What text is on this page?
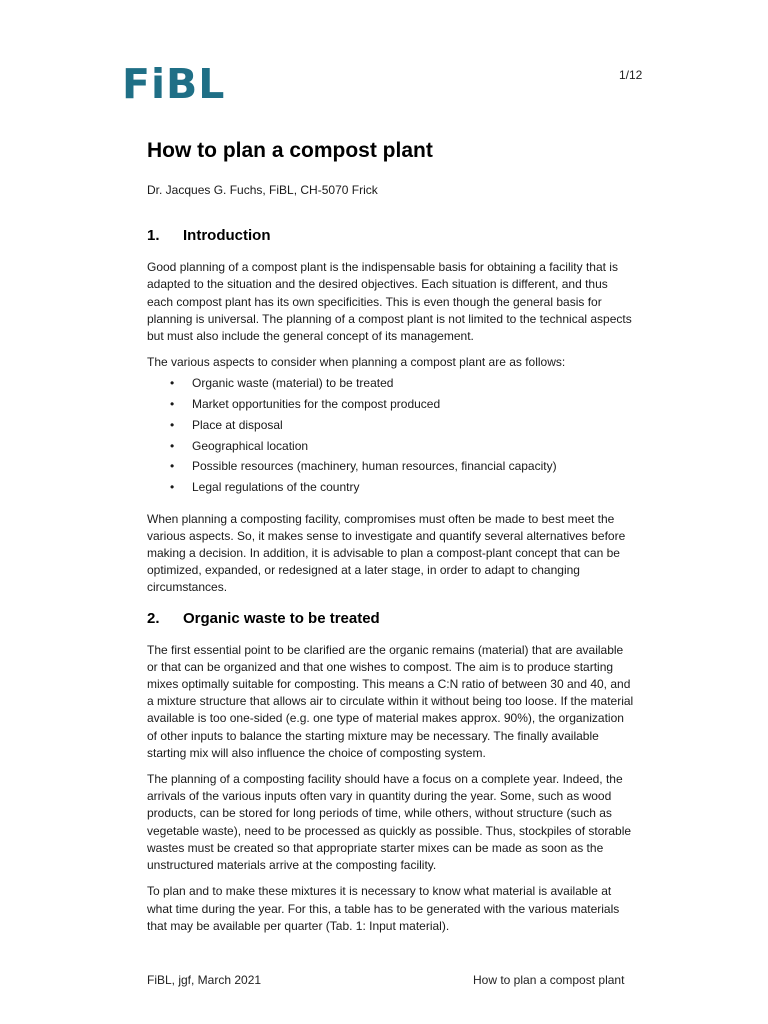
FiBL	1/12
How to plan a compost plant
Dr. Jacques G. Fuchs, FiBL, CH-5070 Frick
1. Introduction

Good planning of a compost plant is the indispensable basis for obtaining a facility that is adapted to the situation and the desired objectives. Each situation is different, and thus each compost plant has its own specificities. This is even though the general basis for planning is universal. The planning of a compost plant is not limited to the technical aspects but must also include the general concept of its management.

The various aspects to consider when planning a compost plant are as follows:

• Organic waste (material) to be treated
• Market opportunities for the compost produced
• Place at disposal
• Geographical location
• Possible resources (machinery, human resources, financial capacity)
• Legal regulations of the country

When planning a composting facility, compromises must often be made to best meet the various aspects. So, it makes sense to investigate and quantify several alternatives before making a decision. In addition, it is advisable to plan a compost-plant concept that can be optimized, expanded, or redesigned at a later stage, in order to adapt to changing circumstances.

2. Organic waste to be treated

The first essential point to be clarified are the organic remains (material) that are available or that can be organized and that one wishes to compost. The aim is to produce starting mixes optimally suitable for composting. This means a C:N ratio of between 30 and 40, and a mixture structure that allows air to circulate within it without being too loose. If the material available is too one-sided (e.g. one type of material makes approx. 90%), the organization of other inputs to balance the starting mixture may be necessary. The finally available starting mix will also influence the choice of composting system.

The planning of a composting facility should have a focus on a complete year. Indeed, the arrivals of the various inputs often vary in quantity during the year. Some, such as wood products, can be stored for long periods of time, while others, without structure (such as vegetable waste), need to be processed as quickly as possible. Thus, stockpiles of storable wastes must be created so that appropriate starter mixes can be made as soon as the unstructured materials arrive at the composting facility.

To plan and to make these mixtures it is necessary to know what material is available at what time during the year. For this, a table has to be generated with the various materials that may be available per quarter (Tab. 1: Input material).

FiBL, jgf, March 2021	How to plan a compost plant
